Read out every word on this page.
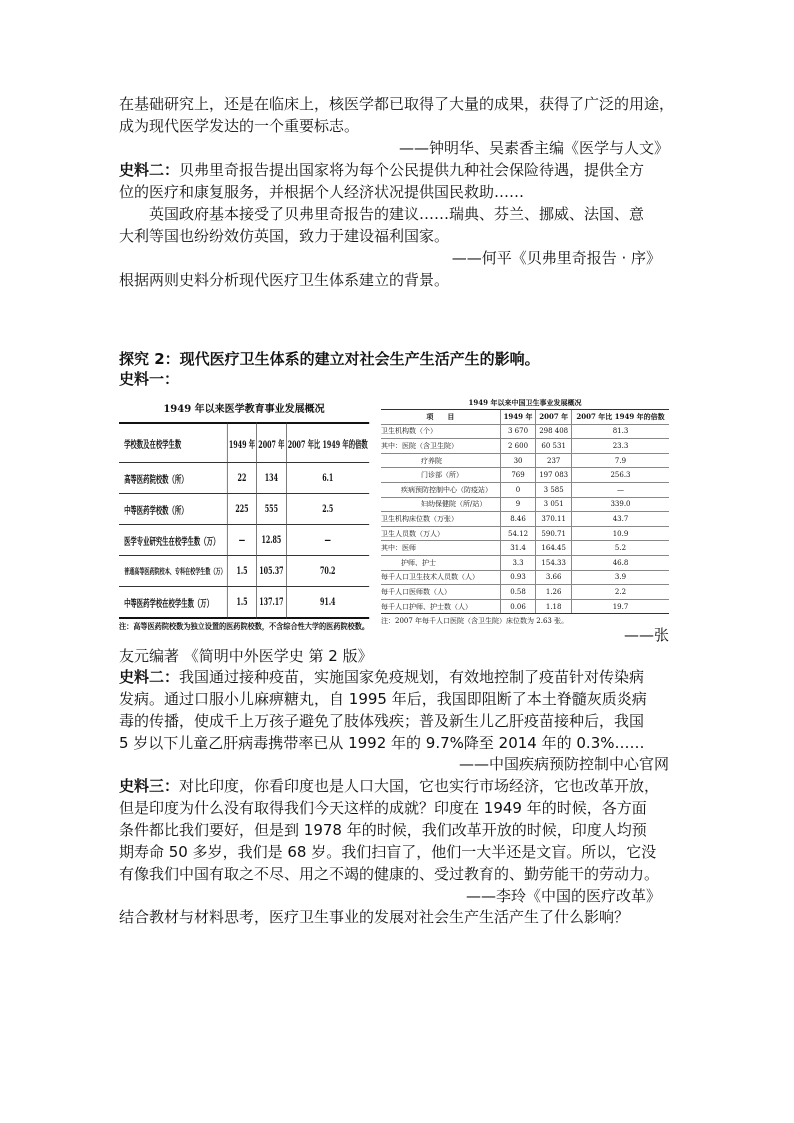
在基础研究上，还是在临床上，核医学都已取得了大量的成果，获得了广泛的用途，
成为现代医学发达的一个重要标志。
——钟明华、吴素香主编《医学与人文》
史料二：贝弗里奇报告提出国家将为每个公民提供九种社会保险待遇，提供全方
位的医疗和康复服务，并根据个人经济状况提供国民救助……
英国政府基本接受了贝弗里奇报告的建议……瑞典、芬兰、挪威、法国、意
大利等国也纷纷效仿英国，致力于建设福利国家。
——何平《贝弗里奇报告 · 序》
根据两则史料分析现代医疗卫生体系建立的背景。
探究 2：现代医疗卫生体系的建立对社会生产生活产生的影响。
史料一：
1949 年以来医学教育事业发展概况
学校数及在校学生数	1949 年	2007 年	2007 年比 1949 年的倍数
高等医药院校数（所）	22	134	6.1
中等医药学校数（所）	225	555	2.5
医学专业研究生在校学生数（万）	—	12.85	—
普通高等医药院校本、专科在校学生数（万）	1.5	105.37	70.2
中等医药学校在校学生数（万）	1.5	137.17	91.4
注：高等医药院校数为独立设置的医药院校数，不含综合性大学的医药院校数。
1949 年以来中国卫生事业发展概况
项　　目	1949 年	2007 年	2007 年比 1949 年的倍数
卫生机构数（个）	3 670	298 408	81.3
其中：医院（含卫生院）	2 600	60 531	23.3
疗养院	30	237	7.9
门诊部（所）	769	197 083	256.3
疾病预防控制中心（防疫站）	0	3 585	—
妇幼保健院（所/站）	9	3 051	339.0
卫生机构床位数（万张）	8.46	370.11	43.7
卫生人员数（万人）	54.12	590.71	10.9
其中：医师	31.4	164.45	5.2
护师、护士	3.3	154.33	46.8
每千人口卫生技术人员数（人）	0.93	3.66	3.9
每千人口医师数（人）	0.58	1.26	2.2
每千人口护师、护士数（人）	0.06	1.18	19.7
注：2007 年每千人口医院（含卫生院）床位数为 2.63 张。
——张
友元编著 《简明中外医学史 第 2 版》
史料二：我国通过接种疫苗，实施国家免疫规划，有效地控制了疫苗针对传染病
发病。通过口服小儿麻痹糖丸，自 1995 年后，我国即阻断了本土脊髓灰质炎病
毒的传播，使成千上万孩子避免了肢体残疾；普及新生儿乙肝疫苗接种后，我国
5 岁以下儿童乙肝病毒携带率已从 1992 年的 9.7%降至 2014 年的 0.3%……
——中国疾病预防控制中心官网
史料三：对比印度，你看印度也是人口大国，它也实行市场经济，它也改革开放，
但是印度为什么没有取得我们今天这样的成就？印度在 1949 年的时候，各方面
条件都比我们要好，但是到 1978 年的时候，我们改革开放的时候，印度人均预
期寿命 50 多岁，我们是 68 岁。我们扫盲了，他们一大半还是文盲。所以，它没
有像我们中国有取之不尽、用之不竭的健康的、受过教育的、勤劳能干的劳动力。
——李玲《中国的医疗改革》
结合教材与材料思考，医疗卫生事业的发展对社会生产生活产生了什么影响？
